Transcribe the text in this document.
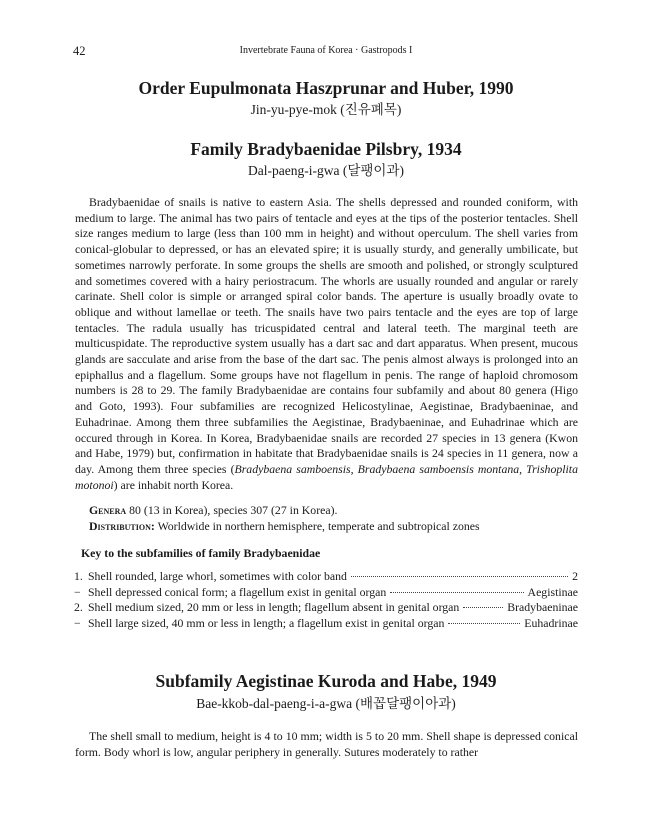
42	Invertebrate Fauna of Korea · Gastropods I
Order Eupulmonata Haszprunar and Huber, 1990
Jin-yu-pye-mok (진유폐목)
Family Bradybaenidae Pilsbry, 1934
Dal-paeng-i-gwa (달팽이과)
Bradybaenidae of snails is native to eastern Asia. The shells depressed and rounded coniform, with medium to large. The animal has two pairs of tentacle and eyes at the tips of the posterior tentacles. Shell size ranges medium to large (less than 100 mm in height) and without operculum. The shell varies from conical-globular to depressed, or has an elevated spire; it is usually sturdy, and generally umbilicate, but sometimes narrowly perforate. In some groups the shells are smooth and polished, or strongly sculptured and sometimes covered with a hairy periostracum. The whorls are usually rounded and angular or rarely carinate. Shell color is simple or arranged spiral color bands. The aperture is usually broadly ovate to oblique and without lamellae or teeth. The snails have two pairs tentacle and the eyes are top of large tentacles. The radula usually has tricuspidated central and lateral teeth. The marginal teeth are multicuspidate. The reproductive system usually has a dart sac and dart apparatus. When present, mucous glands are sacculate and arise from the base of the dart sac. The penis almost always is prolonged into an epiphallus and a flagellum. Some groups have not flagellum in penis. The range of haploid chromosom numbers is 28 to 29. The family Bradybaenidae are contains four subfamily and about 80 genera (Higo and Goto, 1993). Four subfamilies are recognized Helicostylinae, Aegistinae, Bradybaeninae, and Euhadrinae. Among them three subfamilies the Aegistinae, Bradybaeninae, and Euhadrinae which are occured through in Korea. In Korea, Bradybaenidae snails are recorded 27 species in 13 genera (Kwon and Habe, 1979) but, confirmation in habitate that Bradybaenidae snails is 24 species in 11 genera, now a day. Among them three species (Bradybaena samboensis, Bradybaena samboensis montana, Trishoplita motonoi) are inhabit north Korea.
Genera 80 (13 in Korea), species 307 (27 in Korea).
Distribution: Worldwide in northern hemisphere, temperate and subtropical zones
Key to the subfamilies of family Bradybaenidae
1. Shell rounded, large whorl, sometimes with color band	2
− Shell depressed conical form; a flagellum exist in genital organ	Aegistinae
2. Shell medium sized, 20 mm or less in length; flagellum absent in genital organ	Bradybaeninae
− Shell large sized, 40 mm or less in length; a flagellum exist in genital organ	Euhadrinae
Subfamily Aegistinae Kuroda and Habe, 1949
Bae-kkob-dal-paeng-i-a-gwa (배꼽달팽이아과)
The shell small to medium, height is 4 to 10 mm; width is 5 to 20 mm. Shell shape is depressed conical form. Body whorl is low, angular periphery in generally. Sutures moderately to rather
